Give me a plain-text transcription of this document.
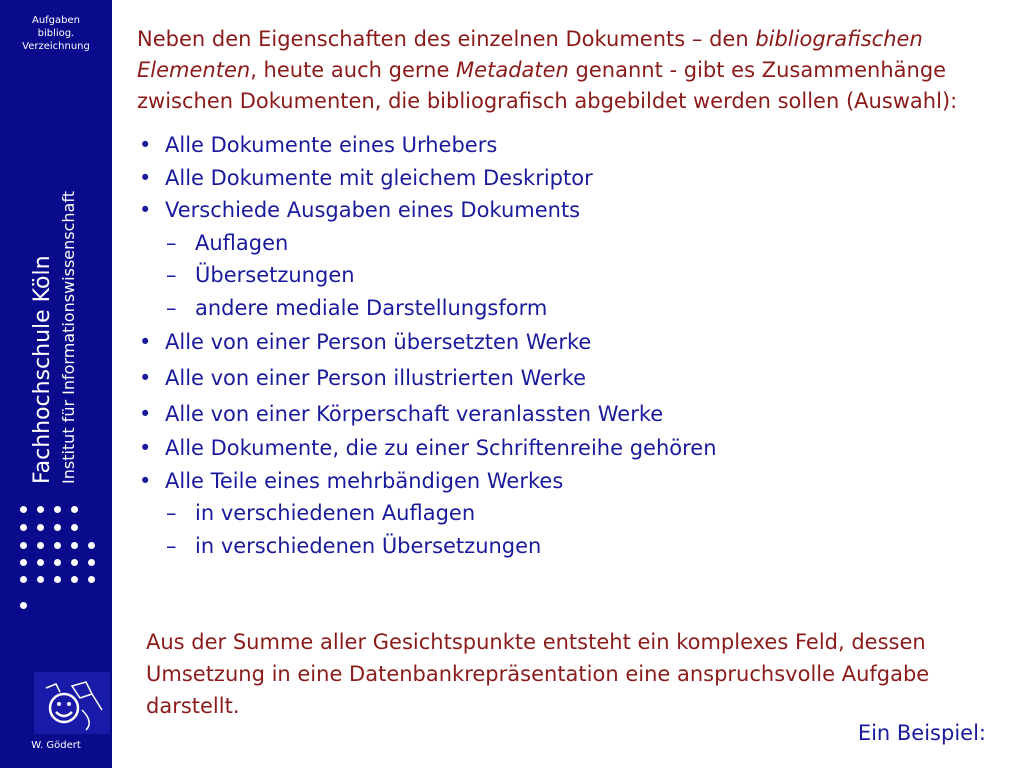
Aufgaben
bibliog.
Verzeichnung
Fachhochschule Köln Institut für Informationswissenschaft
W. Gödert

Neben den Eigenschaften des einzelnen Dokuments – den bibliografischen Elementen, heute auch gerne Metadaten genannt - gibt es Zusammenhänge zwischen Dokumenten, die bibliografisch abgebildet werden sollen (Auswahl):

• Alle Dokumente eines Urhebers
• Alle Dokumente mit gleichem Deskriptor
• Verschiede Ausgaben eines Dokuments
– Auflagen
– Übersetzungen
– andere mediale Darstellungsform
• Alle von einer Person übersetzten Werke
• Alle von einer Person illustrierten Werke
• Alle von einer Körperschaft veranlassten Werke
• Alle Dokumente, die zu einer Schriftenreihe gehören
• Alle Teile eines mehrbändigen Werkes
– in verschiedenen Auflagen
– in verschiedenen Übersetzungen

Aus der Summe aller Gesichtspunkte entsteht ein komplexes Feld, dessen Umsetzung in eine Datenbankrepräsentation eine anspruchsvolle Aufgabe darstellt.

Ein Beispiel:
